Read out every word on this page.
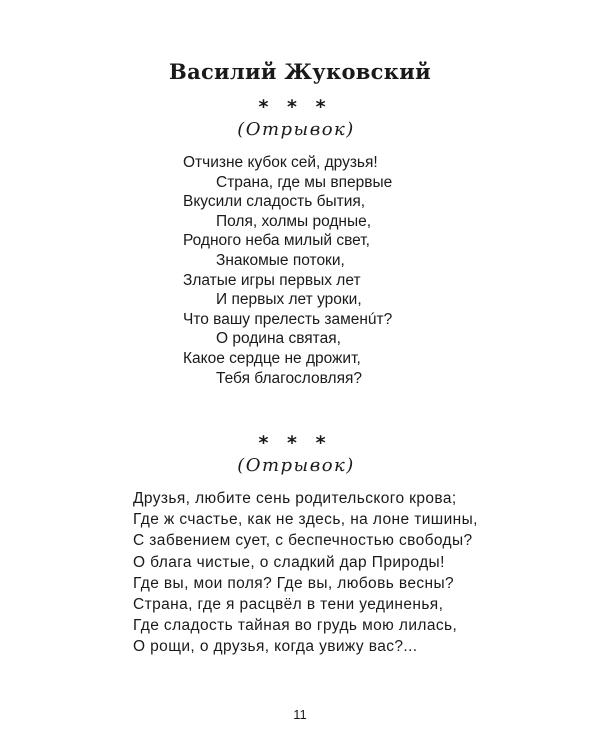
Василий Жуковский
* * *
(Отрывок)
Отчизне кубок сей, друзья!
Страна, где мы впервые
Вкусили сладость бытия,
Поля, холмы родные,
Родного неба милый свет,
Знакомые потоки,
Златые игры первых лет
И первых лет уроки,
Что вашу прелесть заменúт?
О родина святая,
Какое сердце не дрожит,
Тебя благословляя?
* * *
(Отрывок)
Друзья, любите сень родительского крова;
Где ж счастье, как не здесь, на лоне тишины,
С забвением сует, с беспечностью свободы?
О блага чистые, о сладкий дар Природы!
Где вы, мои поля? Где вы, любовь весны?
Страна, где я расцвёл в тени уединенья,
Где сладость тайная во грудь мою лилась,
О рощи, о друзья, когда увижу вас?...
11
